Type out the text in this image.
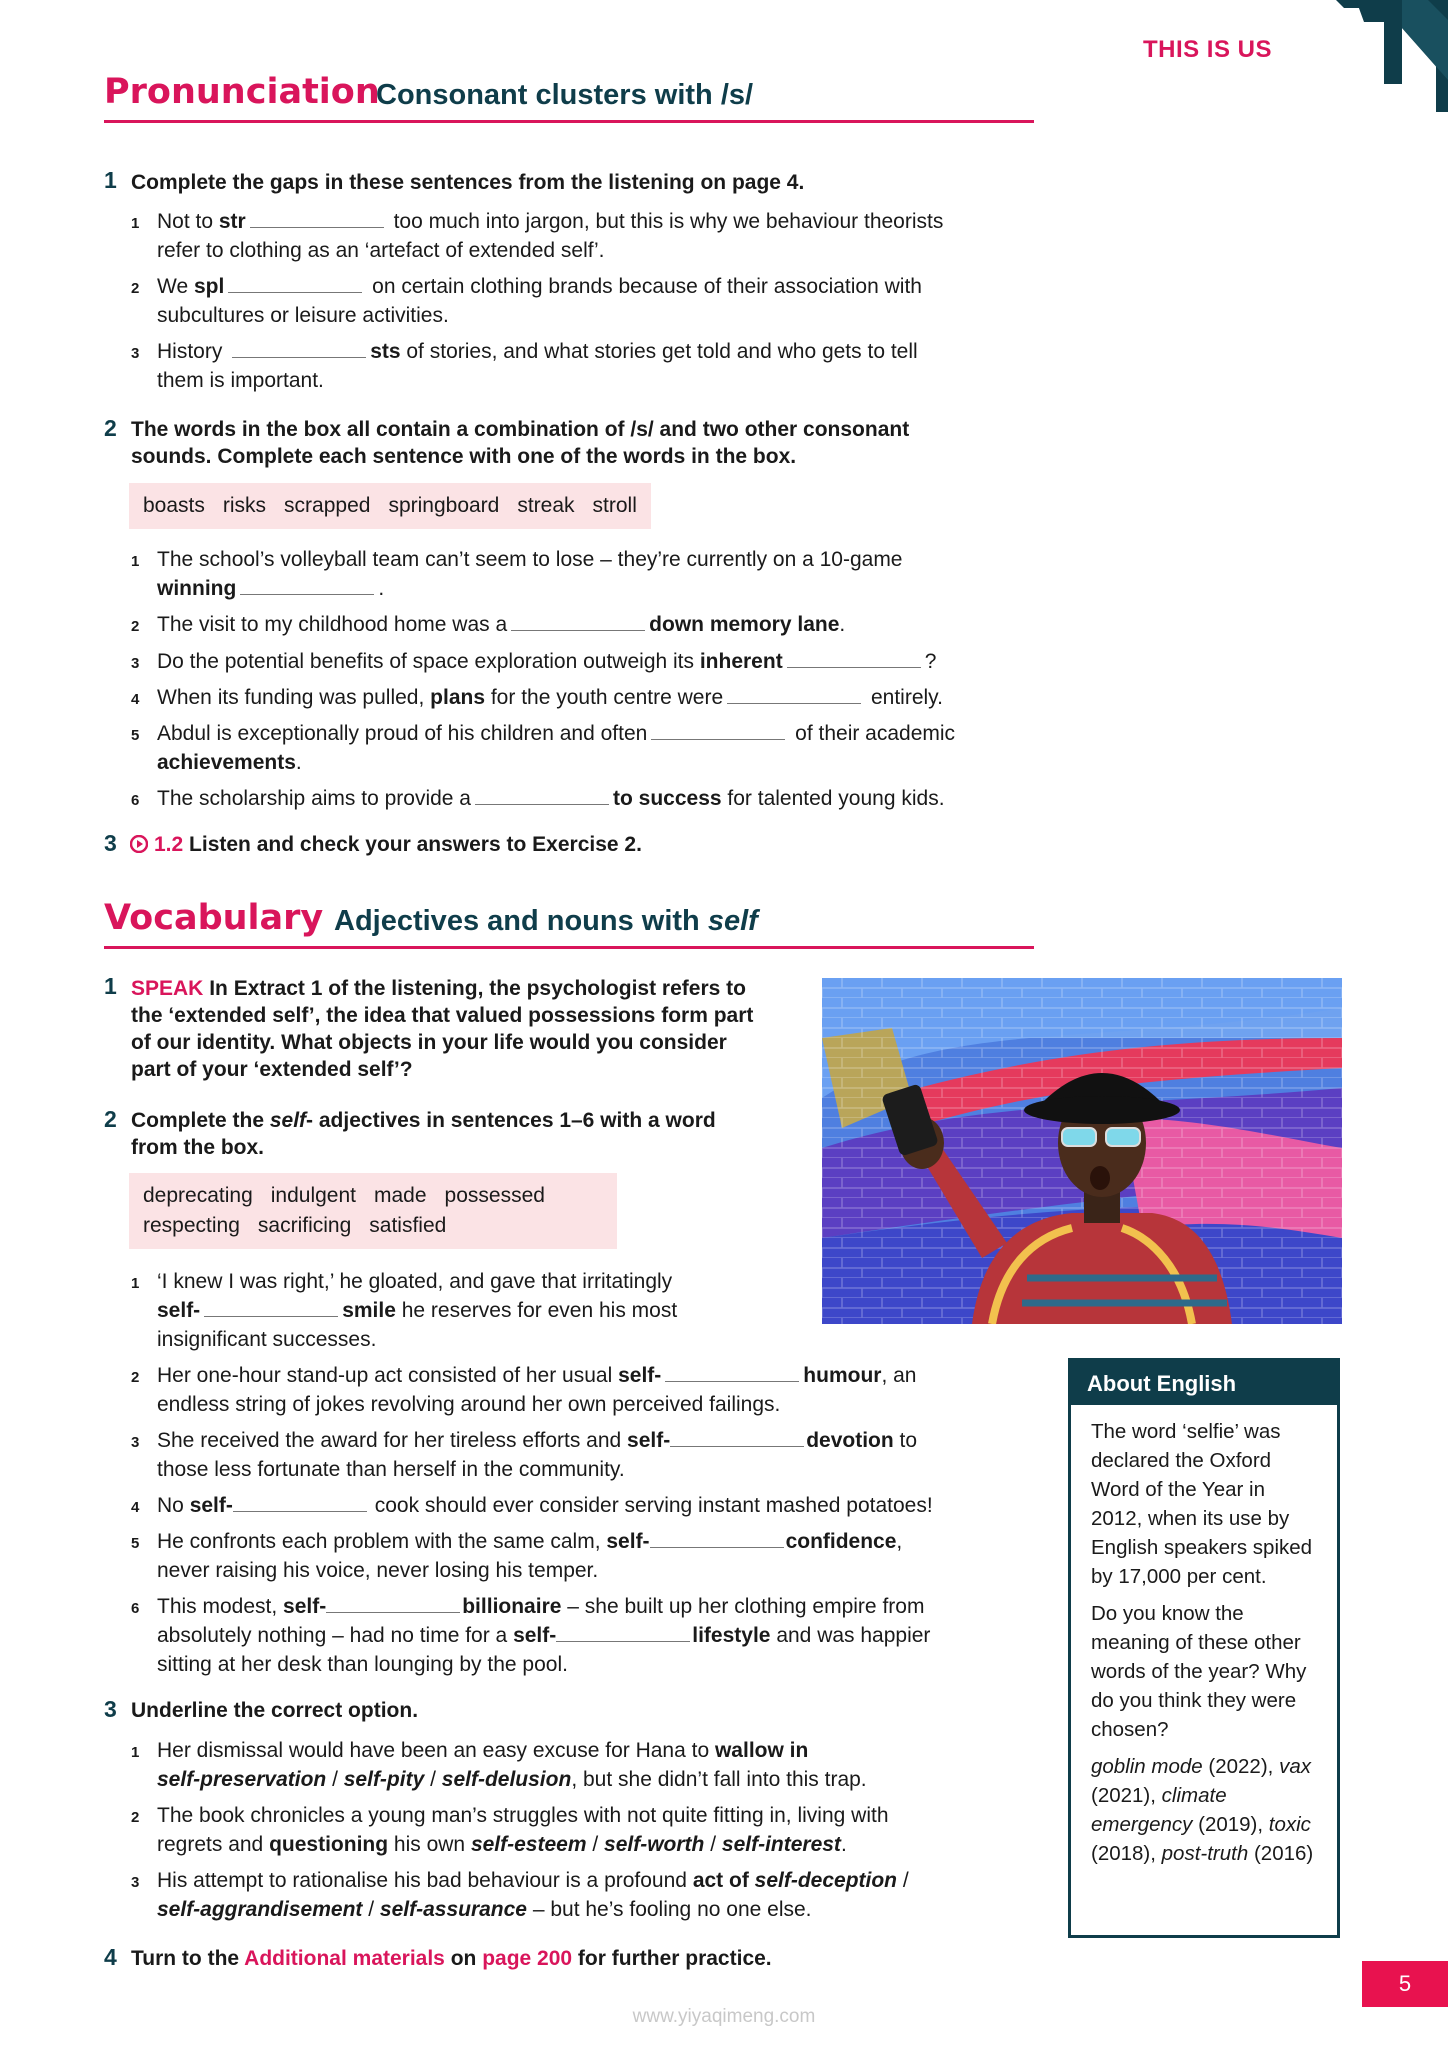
THIS IS US
Pronunciation
Consonant clusters with /s/
1 Complete the gaps in these sentences from the listening on page 4.
1 Not to str	too much into jargon, but this is why we behaviour theorists
refer to clothing as an ‘artefact of extended self’.
2 We spl	on certain clothing brands because of their association with
subcultures or leisure activities.
3 History	sts of stories, and what stories get told and who gets to tell
them is important.
2 The words in the box all contain a combination of /s/ and two other consonant
sounds. Complete each sentence with one of the words in the box.
boasts risks scrapped springboard streak stroll
1 The school’s volleyball team can’t seem to lose – they’re currently on a 10-game
winning	.
2 The visit to my childhood home was a	down memory lane.
3 Do the potential benefits of space exploration outweigh its inherent	?
4 When its funding was pulled, plans for the youth centre were	entirely.
5 Abdul is exceptionally proud of his children and often	of their academic
achievements.
6 The scholarship aims to provide a	to success for talented young kids.
3 1.2 Listen and check your answers to Exercise 2.
Vocabulary Adjectives and nouns with self
1 SPEAK In Extract 1 of the listening, the psychologist refers to
the ‘extended self’, the idea that valued possessions form part
of our identity. What objects in your life would you consider
part of your ‘extended self’?
2 Complete the self- adjectives in sentences 1–6 with a word
from the box.
deprecating indulgent made possessed
respecting sacrificing satisfied
1 ‘I knew I was right,’ he gloated, and gave that irritatingly
self-	smile he reserves for even his most
insignificant successes.
2 Her one-hour stand-up act consisted of her usual self-	humour, an
endless string of jokes revolving around her own perceived failings.
3 She received the award for her tireless efforts and self-	devotion to
those less fortunate than herself in the community.
4 No self-	cook should ever consider serving instant mashed potatoes!
5 He confronts each problem with the same calm, self-	confidence,
never raising his voice, never losing his temper.
6 This modest, self-	billionaire – she built up her clothing empire from
absolutely nothing – had no time for a self-	lifestyle and was happier
sitting at her desk than lounging by the pool.
3 Underline the correct option.
1 Her dismissal would have been an easy excuse for Hana to wallow in
self-preservation / self-pity / self-delusion, but she didn’t fall into this trap.
2 The book chronicles a young man’s struggles with not quite fitting in, living with
regrets and questioning his own self-esteem / self-worth / self-interest.
3 His attempt to rationalise his bad behaviour is a profound act of self-deception /
self-aggrandisement / self-assurance – but he’s fooling no one else.
4 Turn to the Additional materials on page 200 for further practice.
About English

The word ‘selfie’ was declared the Oxford Word of the Year in 2012, when its use by English speakers spiked by 17,000 per cent.

Do you know the meaning of these other words of the year? Why do you think they were chosen?

goblin mode (2022), vax (2021), climate emergency (2019), toxic (2018), post-truth (2016)

5
www.yiyaqimeng.com
